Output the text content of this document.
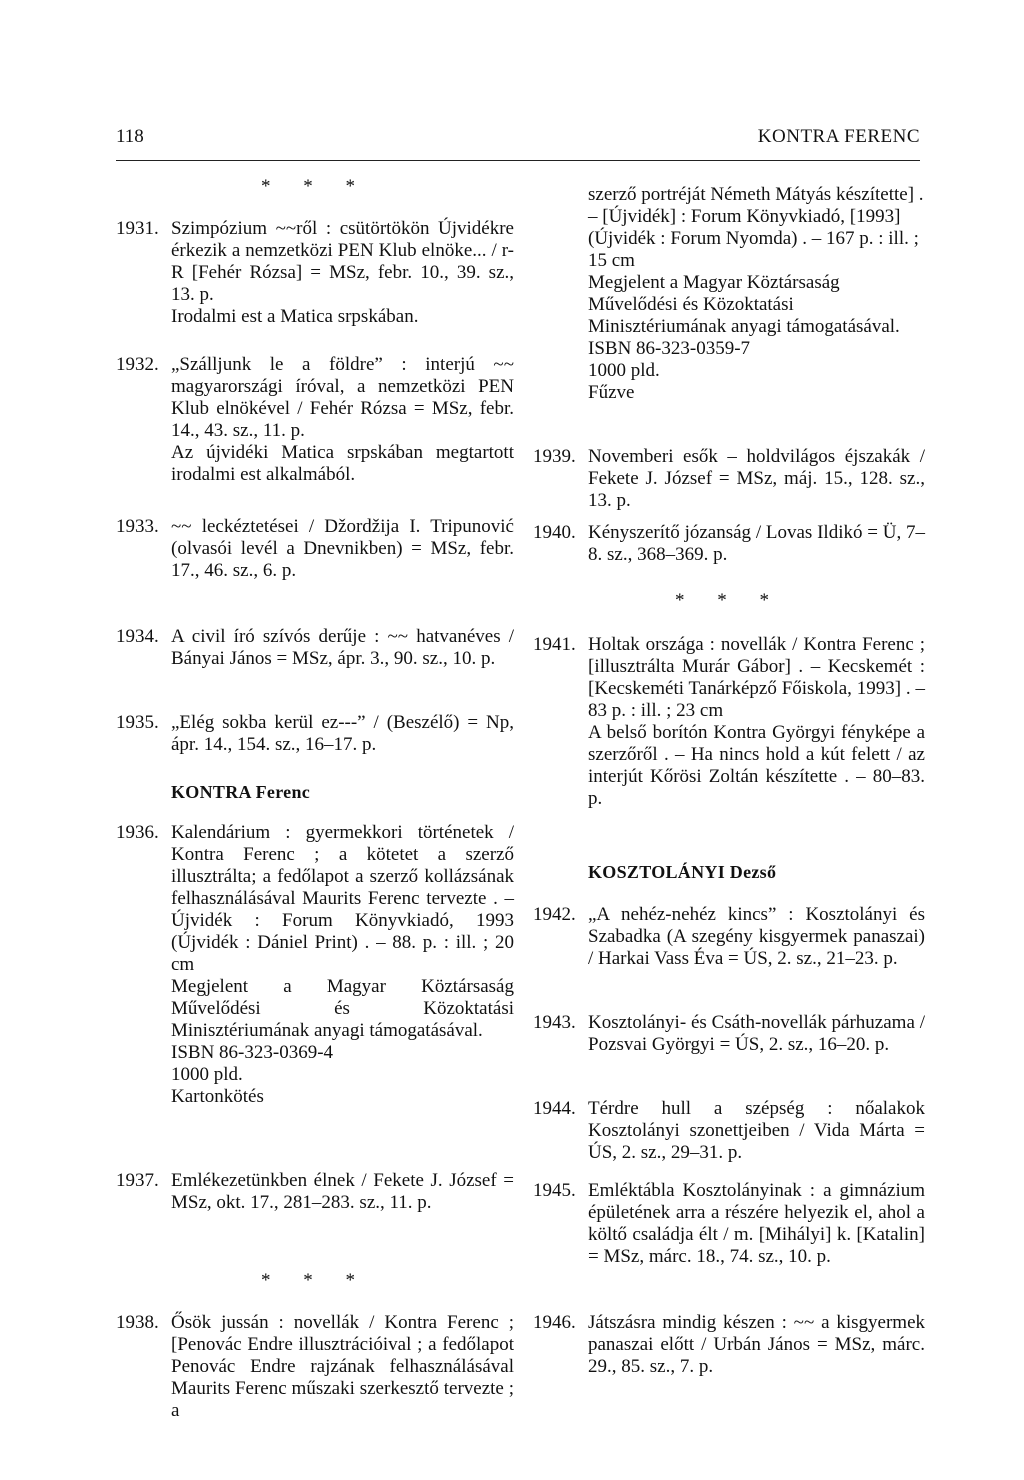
118	KONTRA FERENC
* * *
1931. Szimpózium ~~ről : csütörtökön Újvidékre érkezik a nemzetközi PEN Klub elnöke... / r-R [Fehér Rózsa] = MSz, febr. 10., 39. sz., 13. p.
Irodalmi est a Matica srpskában.
1932. „Szálljunk le a földre” : interjú ~~ magyarországi íróval, a nemzetközi PEN Klub elnökével / Fehér Rózsa = MSz, febr. 14., 43. sz., 11. p.
Az újvidéki Matica srpskában megtartott irodalmi est alkalmából.
1933. ~~ leckéztetései / Džordžija I. Tripunović (olvasói levél a Dnevnikben) = MSz, febr. 17., 46. sz., 6. p.
1934. A civil író szívós derűje : ~~ hatvanéves / Bányai János = MSz, ápr. 3., 90. sz., 10. p.
1935. „Elég sokba kerül ez---” / (Beszélő) = Np, ápr. 14., 154. sz., 16–17. p.
KONTRA Ferenc
1936. Kalendárium : gyermekkori történetek / Kontra Ferenc ; a kötetet a szerző illusztrálta; a fedőlapot a szerző kollázsának felhasználásával Maurits Ferenc tervezte . – Újvidék : Forum Könyvkiadó, 1993 (Újvidék : Dániel Print) . – 88. p. : ill. ; 20 cm
Megjelent a Magyar Köztársaság Művelődési és Közoktatási Minisztériumának anyagi támogatásával.
ISBN 86-323-0369-4
1000 pld.
Kartonkötés
1937. Emlékezetünkben élnek / Fekete J. József = MSz, okt. 17., 281–283. sz., 11. p.
* * *
1938. Ősök jussán : novellák / Kontra Ferenc ; [Penovác Endre illusztrációival ; a fedőlapot Penovác Endre rajzának felhasználásával Maurits Ferenc műszaki szerkesztő tervezte ; a
szerző portréját Németh Mátyás készítette] . – [Újvidék] : Forum Könyvkiadó, [1993] (Újvidék : Forum Nyomda) . – 167 p. : ill. ; 15 cm
Megjelent a Magyar Köztársaság Művelődési és Közoktatási Minisztériumának anyagi támogatásával.
ISBN 86-323-0359-7
1000 pld.
Fűzve
1939. Novemberi esők – holdvilágos éjszakák / Fekete J. József = MSz, máj. 15., 128. sz., 13. p.
1940. Kényszerítő józanság / Lovas Ildikó = Ü, 7–8. sz., 368–369. p.
* * *
1941. Holtak országa : novellák / Kontra Ferenc ; [illusztrálta Murár Gábor] . – Kecskemét : [Kecskeméti Tanárképző Főiskola, 1993] . – 83 p. : ill. ; 23 cm
A belső borítón Kontra Györgyi fényképe a szerzőről . – Ha nincs hold a kút felett / az interjút Kőrösi Zoltán készítette . – 80–83. p.
KOSZTOLÁNYI Dezső
1942. „A nehéz-nehéz kincs” : Kosztolányi és Szabadka (A szegény kisgyermek panaszai) / Harkai Vass Éva = ÚS, 2. sz., 21–23. p.
1943. Kosztolányi- és Csáth-novellák párhuzama / Pozsvai Györgyi = ÚS, 2. sz., 16–20. p.
1944. Térdre hull a szépség : nőalakok Kosztolányi szonettjeiben / Vida Márta = ÚS, 2. sz., 29–31. p.
1945. Emléktábla Kosztolányinak : a gimnázium épületének arra a részére helyezik el, ahol a költő családja élt / m. [Mihályi] k. [Katalin] = MSz, márc. 18., 74. sz., 10. p.
1946. Játszásra mindig készen : ~~ a kisgyermek panaszai előtt / Urbán János = MSz, márc. 29., 85. sz., 7. p.
